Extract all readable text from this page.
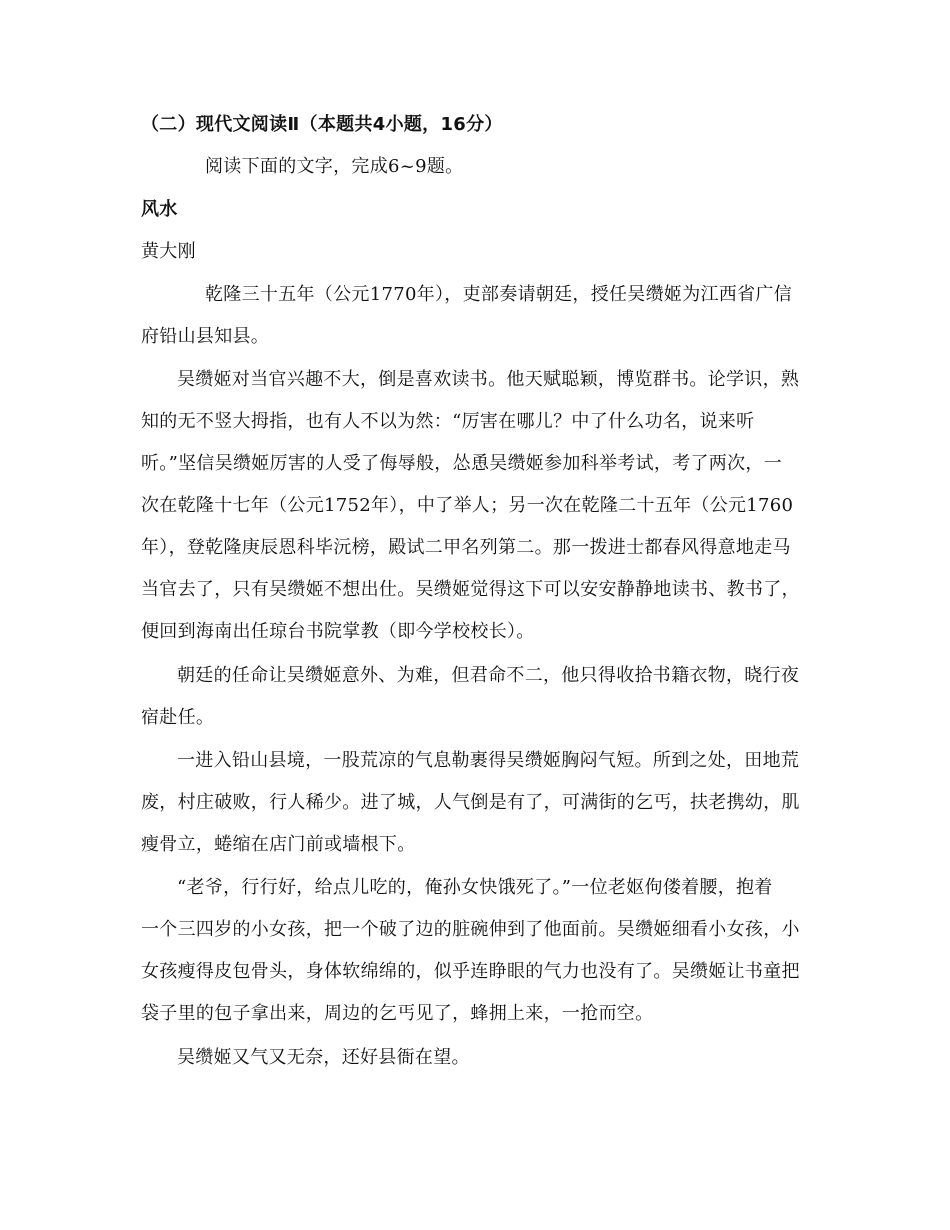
（二）现代文阅读Ⅱ（本题共4小题，16分）
阅读下面的文字，完成6~9题。
风水
黄大刚
乾隆三十五年（公元1770年），吏部奏请朝廷，授任吴缵姬为江西省广信
府铅山县知县。
吴缵姬对当官兴趣不大，倒是喜欢读书。他天赋聪颖，博览群书。论学识，熟
知的无不竖大拇指，也有人不以为然：“厉害在哪儿？中了什么功名，说来听
听。”坚信吴缵姬厉害的人受了侮辱般，怂恿吴缵姬参加科举考试，考了两次，一
次在乾隆十七年（公元1752年），中了举人；另一次在乾隆二十五年（公元1760
年），登乾隆庚辰恩科毕沅榜，殿试二甲名列第二。那一拨进士都春风得意地走马
当官去了，只有吴缵姬不想出仕。吴缵姬觉得这下可以安安静静地读书、教书了，
便回到海南出任琼台书院掌教（即今学校校长）。
朝廷的任命让吴缵姬意外、为难，但君命不二，他只得收拾书籍衣物，晓行夜
宿赴任。
一进入铅山县境，一股荒凉的气息勒裹得吴缵姬胸闷气短。所到之处，田地荒
废，村庄破败，行人稀少。进了城，人气倒是有了，可满街的乞丐，扶老携幼，肌
瘦骨立，蜷缩在店门前或墙根下。
“老爷，行行好，给点儿吃的，俺孙女快饿死了。”一位老妪佝偻着腰，抱着
一个三四岁的小女孩，把一个破了边的脏碗伸到了他面前。吴缵姬细看小女孩，小
女孩瘦得皮包骨头，身体软绵绵的，似乎连睁眼的气力也没有了。吴缵姬让书童把
袋子里的包子拿出来，周边的乞丐见了，蜂拥上来，一抢而空。
吴缵姬又气又无奈，还好县衙在望。
